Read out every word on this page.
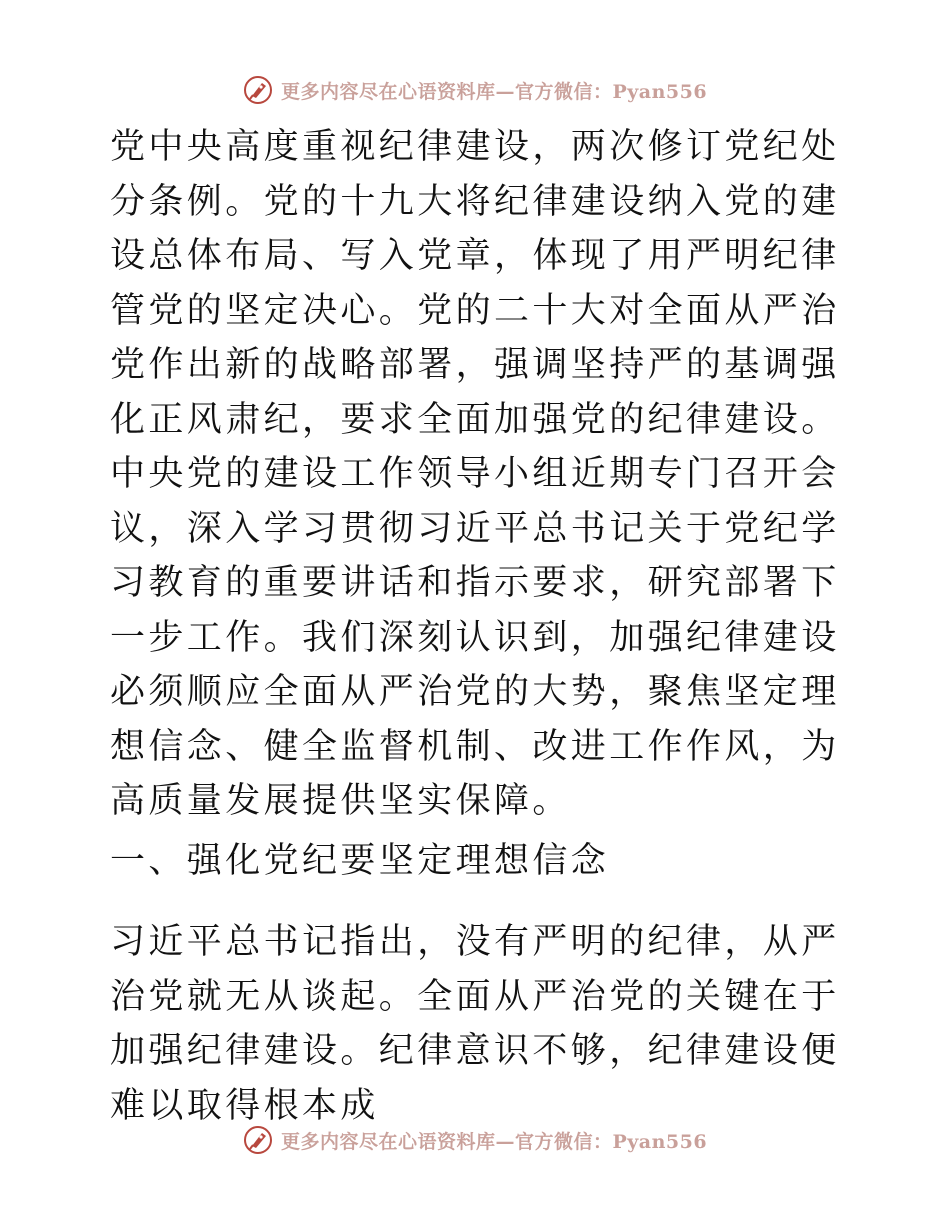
更多内容尽在心语资料库—官方微信：Pyan556

党中央高度重视纪律建设，两次修订党纪处分条例。党的十九大将纪律建设纳入党的建设总体布局、写入党章，体现了用严明纪律管党的坚定决心。党的二十大对全面从严治党作出新的战略部署，强调坚持严的基调强化正风肃纪，要求全面加强党的纪律建设。中央党的建设工作领导小组近期专门召开会议，深入学习贯彻习近平总书记关于党纪学习教育的重要讲话和指示要求，研究部署下一步工作。我们深刻认识到，加强纪律建设必须顺应全面从严治党的大势，聚焦坚定理想信念、健全监督机制、改进工作作风，为高质量发展提供坚实保障。

一、强化党纪要坚定理想信念

习近平总书记指出，没有严明的纪律，从严治党就无从谈起。全面从严治党的关键在于加强纪律建设。纪律意识不够，纪律建设便难以取得根本成

更多内容尽在心语资料库—官方微信：Pyan556
